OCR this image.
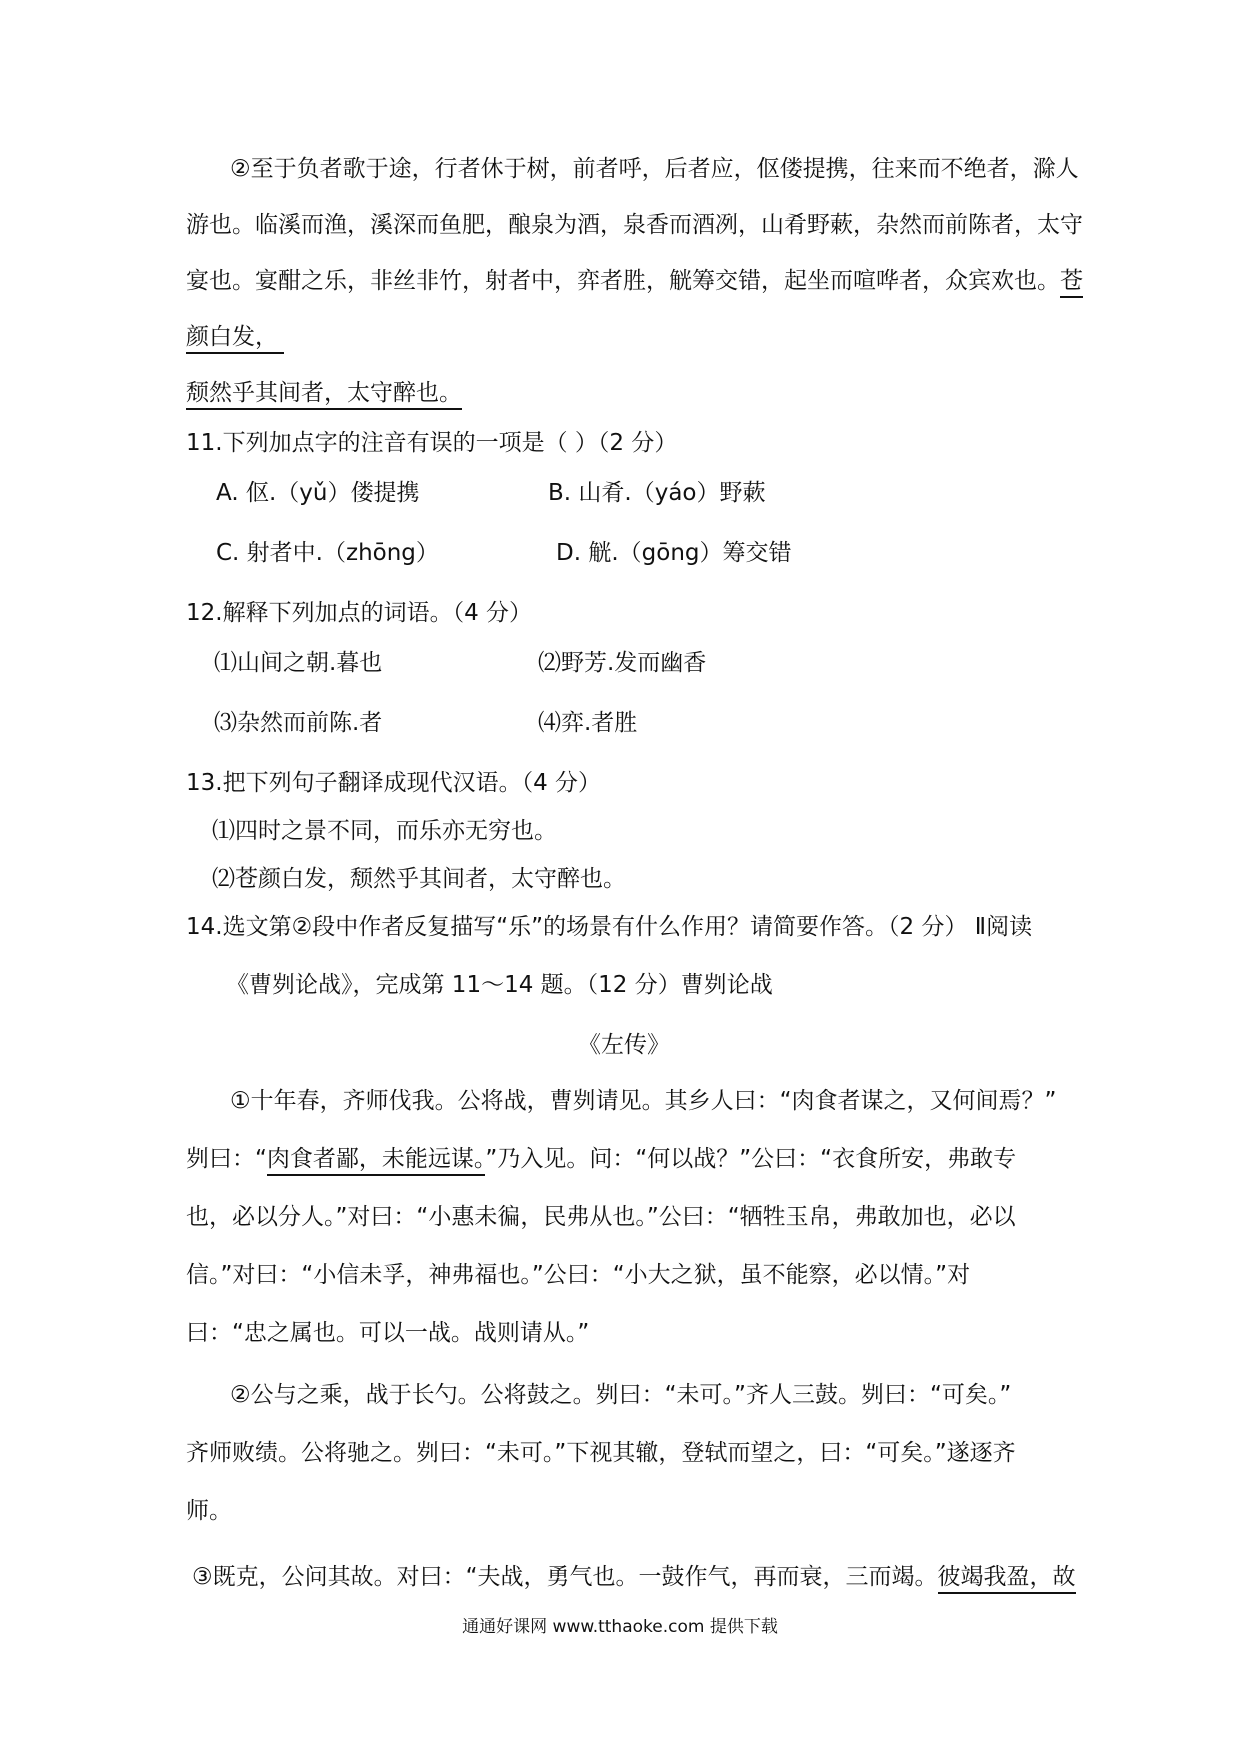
②至于负者歌于途，行者休于树，前者呼，后者应，伛偻提携，往来而不绝者，滁人
游也。临溪而渔，溪深而鱼肥，酿泉为酒，泉香而酒冽，山肴野蔌，杂然而前陈者，太守
宴也。宴酣之乐，非丝非竹，射者中，弈者胜，觥筹交错，起坐而喧哗者，众宾欢也。苍
颜白发，
颓然乎其间者，太守醉也。
11.下列加点字的注音有误的一项是（ ）（2 分）
A. 伛.（yǔ）偻提携	B. 山肴.（yáo）野蔌
C. 射者中.（zhōng）	D. 觥.（gōng）筹交错
12.解释下列加点的词语。（4 分）
⑴山间之朝.暮也	⑵野芳.发而幽香
⑶杂然而前陈.者	⑷弈.者胜
13.把下列句子翻译成现代汉语。（4 分）
⑴四时之景不同，而乐亦无穷也。
⑵苍颜白发，颓然乎其间者，太守醉也。
14.选文第②段中作者反复描写“乐”的场景有什么作用？请简要作答。（2 分） Ⅱ阅读
《曹刿论战》，完成第 11～14 题。（12 分）曹刿论战
《左传》
①十年春，齐师伐我。公将战，曹刿请见。其乡人曰：“肉食者谋之，又何间焉？”
刿曰：“肉食者鄙，未能远谋。”乃入见。问：“何以战？”公曰：“衣食所安，弗敢专
也，必以分人。”对曰：“小惠未徧，民弗从也。”公曰：“牺牲玉帛，弗敢加也，必以
信。”对曰：“小信未孚，神弗福也。”公曰：“小大之狱，虽不能察，必以情。”对
曰：“忠之属也。可以一战。战则请从。”
②公与之乘，战于长勺。公将鼓之。刿曰：“未可。”齐人三鼓。刿曰：“可矣。”
齐师败绩。公将驰之。刿曰：“未可。”下视其辙，登轼而望之，曰：“可矣。”遂逐齐
师。
③既克，公问其故。对曰：“夫战，勇气也。一鼓作气，再而衰，三而竭。彼竭我盈，故
通通好课网 www.tthaoke.com 提供下载
